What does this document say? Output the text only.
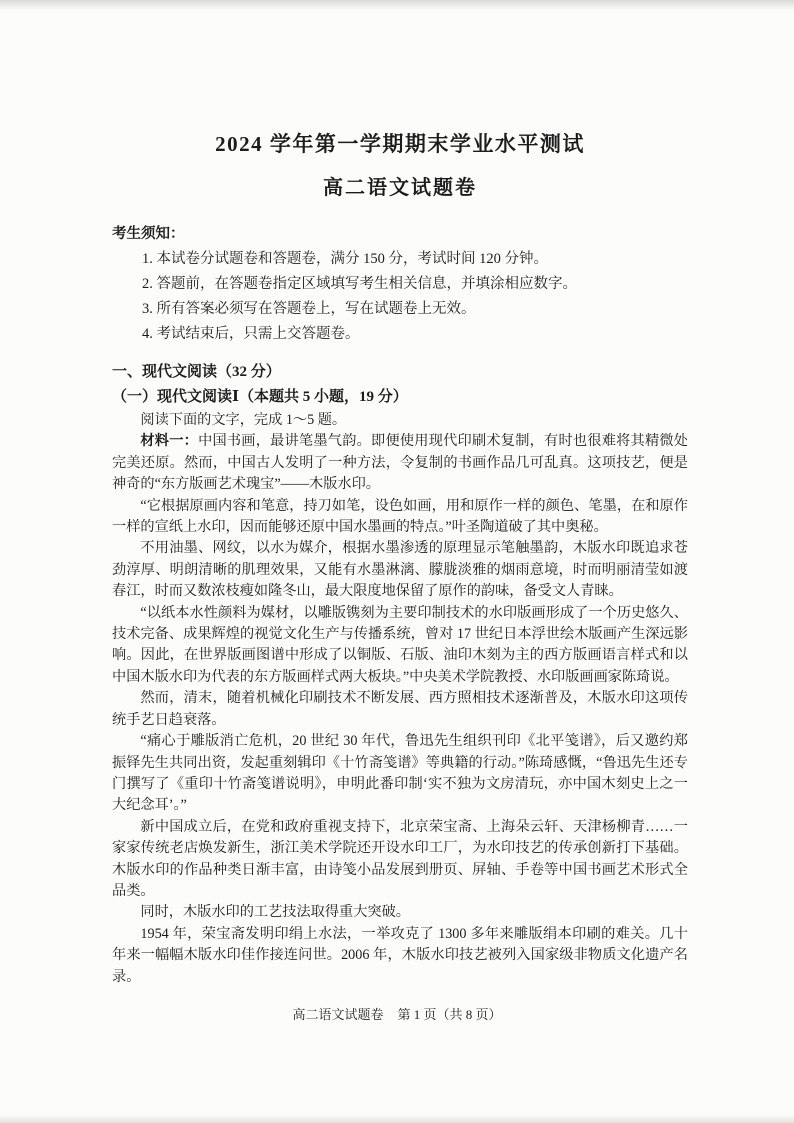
2024 学年第一学期期末学业水平测试
高二语文试题卷

考生须知：

1. 本试卷分试题卷和答题卷，满分 150 分，考试时间 120 分钟。

2. 答题前，在答题卷指定区域填写考生相关信息，并填涂相应数字。

3. 所有答案必须写在答题卷上，写在试题卷上无效。

4. 考试结束后，只需上交答题卷。

一、现代文阅读（32 分）

（一）现代文阅读Ⅰ（本题共 5 小题，19 分）

阅读下面的文字，完成 1～5 题。

材料一：中国书画，最讲笔墨气韵。即便使用现代印刷术复制，有时也很难将其精微处完美还原。然而，中国古人发明了一种方法，令复制的书画作品几可乱真。这项技艺，便是神奇的“东方版画艺术瑰宝”——木版水印。

“它根据原画内容和笔意，持刀如笔，设色如画，用和原作一样的颜色、笔墨，在和原作一样的宣纸上水印，因而能够还原中国水墨画的特点。”叶圣陶道破了其中奥秘。

不用油墨、网纹，以水为媒介，根据水墨渗透的原理显示笔触墨韵，木版水印既追求苍劲淳厚、明朗清晰的肌理效果，又能有水墨淋漓、朦胧淡雅的烟雨意境，时而明丽清莹如渡春江，时而又数浓枝瘦如隆冬山，最大限度地保留了原作的韵味，备受文人青睐。

“以纸本水性颜料为媒材，以雕版镌刻为主要印制技术的水印版画形成了一个历史悠久、技术完备、成果辉煌的视觉文化生产与传播系统，曾对 17 世纪日本浮世绘木版画产生深远影响。因此，在世界版画图谱中形成了以铜版、石版、油印木刻为主的西方版画语言样式和以中国木版水印为代表的东方版画样式两大板块。”中央美术学院教授、水印版画画家陈琦说。

然而，清末，随着机械化印刷技术不断发展、西方照相技术逐渐普及，木版水印这项传统手艺日趋衰落。

“痛心于雕版消亡危机，20 世纪 30 年代，鲁迅先生组织刊印《北平笺谱》，后又邀约郑振铎先生共同出资，发起重刻辑印《十竹斋笺谱》等典籍的行动。”陈琦感慨，“鲁迅先生还专门撰写了《重印十竹斋笺谱说明》，申明此番印制‘实不独为文房清玩，亦中国木刻史上之一大纪念耳’。”

新中国成立后，在党和政府重视支持下，北京荣宝斋、上海朵云轩、天津杨柳青……一家家传统老店焕发新生，浙江美术学院还开设水印工厂，为水印技艺的传承创新打下基础。木版水印的作品种类日渐丰富，由诗笺小品发展到册页、屏轴、手卷等中国书画艺术形式全品类。

同时，木版水印的工艺技法取得重大突破。

1954 年，荣宝斋发明印绢上水法，一举攻克了 1300 多年来雕版绢本印刷的难关。几十年来一幅幅木版水印佳作接连问世。2006 年，木版水印技艺被列入国家级非物质文化遗产名录。

高二语文试题卷 第 1 页（共 8 页）
